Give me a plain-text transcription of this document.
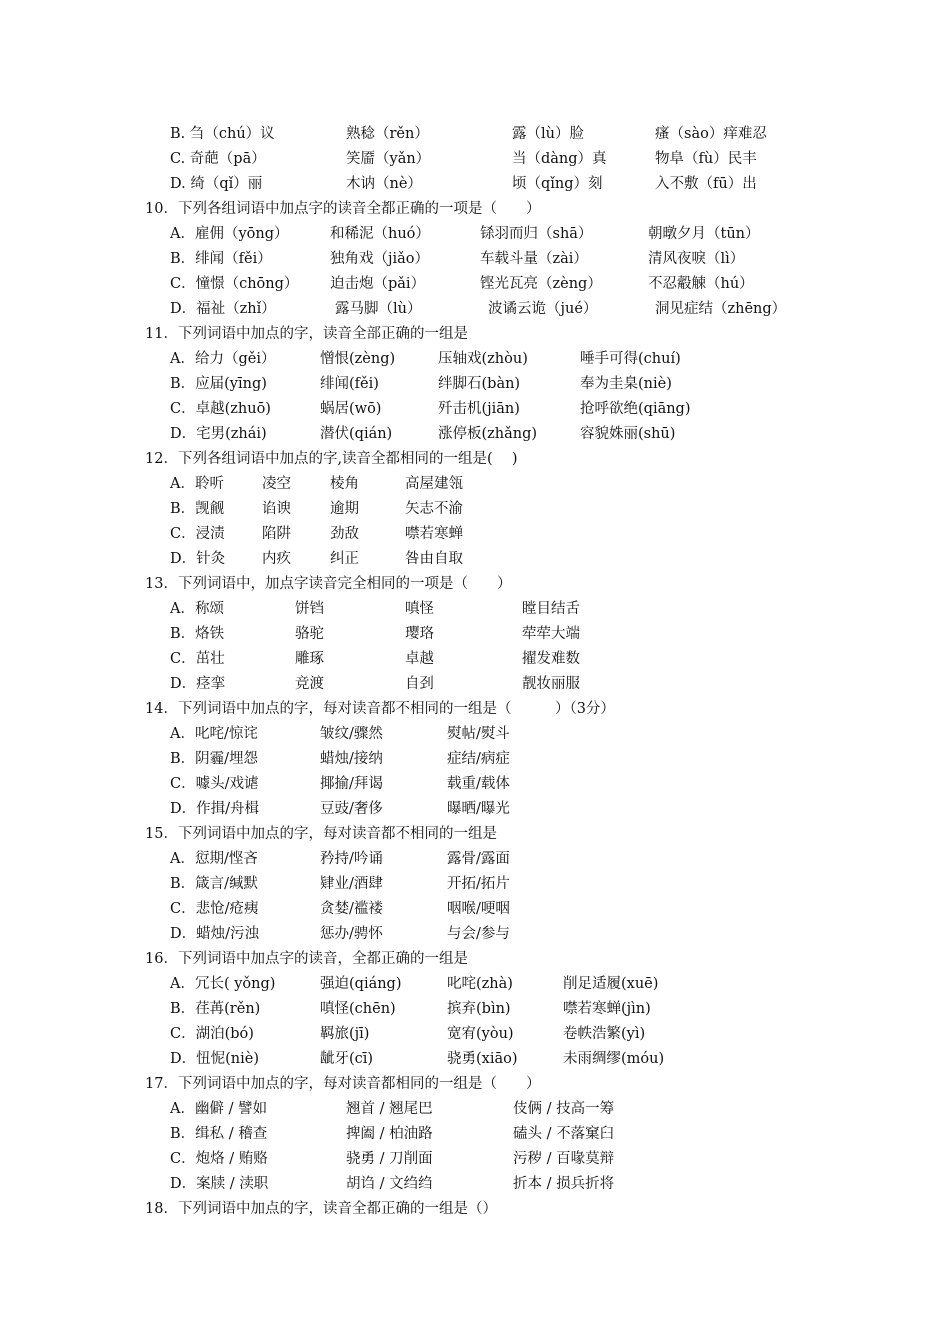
B. 刍（chú）议	熟稔（rěn）	露（lù）脸	瘙（sào）痒难忍
C. 奇葩（pā）	笑靥（yǎn）	当（dàng）真	物阜（fù）民丰
D. 绮（qǐ）丽	木讷（nè）	顷（qǐng）刻	入不敷（fū）出
10．下列各组词语中加点字的读音全都正确的一项是（　　）
A．雇佣（yōng）	和稀泥（huó）	铩羽而归（shā）	朝暾夕月（tūn）
B．绯闻（fěi）	独角戏（jiǎo）	车载斗量（zài）	清风夜唳（lì）
C．憧憬（chōng） 迫击炮（pǎi）	铿光瓦亮（zèng）	不忍觳觫（hú）
D．福祉（zhǐ）	露马脚（lù）	波谲云诡（jué）	洞见症结（zhēng）
11．下列词语中加点的字，读音全部正确的一组是
A．给力（gěi）	憎恨(zèng)	压轴戏(zhòu)	唾手可得(chuí)
B．应届(yīng)	绯闻(fěi)	绊脚石(bàn)	奉为圭臬(niè)
C．卓越(zhuō)	蜗居(wō)	歼击机(jiān)	抢呼欲绝(qiāng)
D．宅男(zhái)	潜伏(qián)	涨停板(zhǎng)	容貌姝丽(shū)
12．下列各组词语中加点的字,读音全都相同的一组是(　 )
A．聆听	凌空	棱角	高屋建瓴
B．觊觎	谄谀	逾期	矢志不渝
C．浸渍	陷阱	劲敌	噤若寒蝉
D．针灸	内疚	纠正	咎由自取
13．下列词语中，加点字读音完全相同的一项是（　　）
A．称颂	饼铛	嗔怪	瞠目结舌
B．烙铁	骆驼	璎珞	荦荦大端
C．茁壮	雕琢	卓越	擢发难数
D．痉挛	竞渡	自刭	靓妆丽服
14．下列词语中加点的字，每对读音都不相同的一组是（　　　）（3分）
A．叱咤/惊诧	皱纹/骤然	熨帖/熨斗
B．阴霾/埋怨	蜡烛/接纳	症结/病症
C．噱头/戏谑	揶揄/拜谒	载重/载体
D．作揖/舟楫	豆豉/奢侈	曝晒/曝光
15．下列词语中加点的字，每对读音都不相同的一组是
A．愆期/悭吝	矜持/吟诵	露骨/露面
B．箴言/缄默	肄业/酒肆	开拓/拓片
C．悲怆/疮痍	贪婪/褴褛	咽喉/哽咽
D．蜡烛/污浊	惩办/骋怀	与会/参与
16．下列词语中加点字的读音，全都正确的一组是
A．冗长( yǒng)	强迫(qiáng)	叱咤(zhà)	削足适履(xuē)
B．荏苒(rěn)	嗔怪(chēn)	摈弃(bìn)	噤若寒蝉(jìn)
C．湖泊(bó)	羁旅(jī)	宽宥(yòu)	卷帙浩繁(yì)
D．忸怩(niè)	龇牙(cī)	骁勇(xiāo)	未雨绸缪(móu)
17．下列词语中加点的字，每对读音都相同的一组是（　　）
A．幽僻 / 譬如	翘首 / 翘尾巴	伎俩 / 技高一筹
B．缉私 / 稽查	捭阖 / 柏油路	磕头 / 不落窠臼
C．炮烙 / 贿赂	骁勇 / 刀削面	污秽 / 百喙莫辩
D．案牍 / 渎职	胡诌 / 文绉绉	折本 / 损兵折将
18．下列词语中加点的字，读音全都正确的一组是（）
